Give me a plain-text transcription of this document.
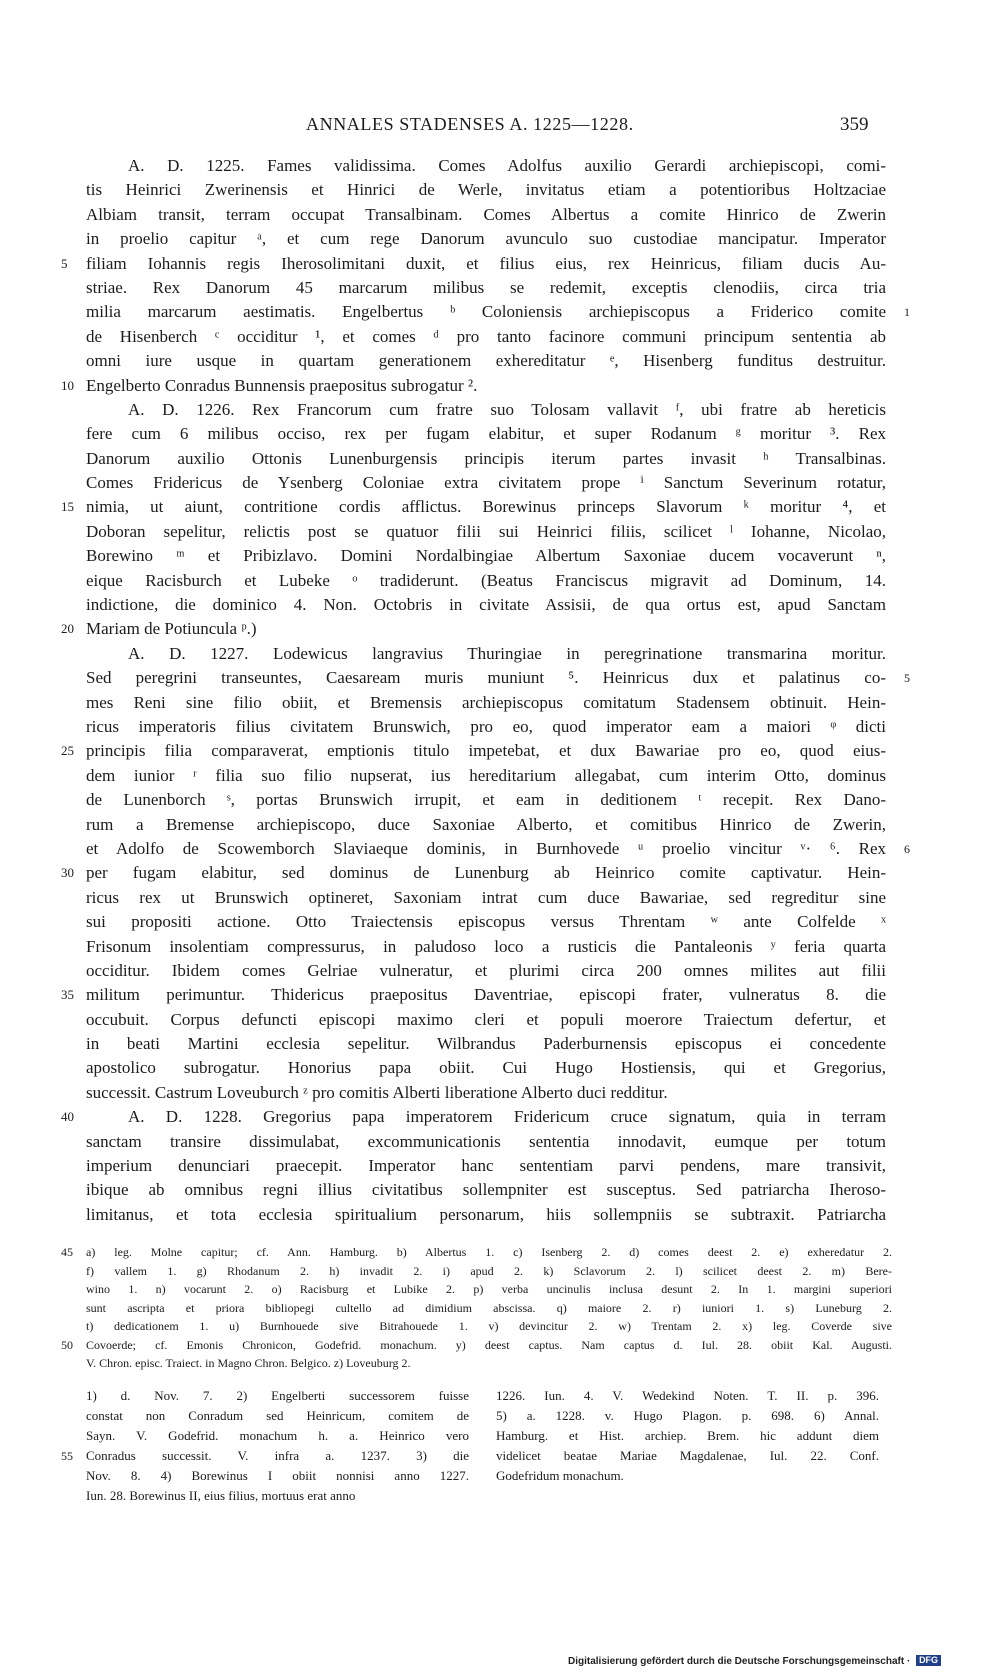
ANNALES STADENSES A. 1225—1228.	359
A. D. 1225. Fames validissima. Comes Adolfus auxilio Gerardi archiepiscopi, comi-
tis Heinrici Zwerinensis et Hinrici de Werle, invitatus etiam a potentioribus Holtzaciae
Albiam transit, terram occupat Transalbinam. Comes Albertus a comite Hinrico de Zwerin
in proelio capitur ᵃ, et cum rege Danorum avunculo suo custodiae mancipatur. Imperator
filiam Iohannis regis Iherosolimitani duxit, et filius eius, rex Heinricus, filiam ducis Au-
5
striae. Rex Danorum 45 marcarum milibus se redemit, exceptis clenodiis, circa tria
milia marcarum aestimatis. Engelbertus ᵇ Coloniensis archiepiscopus a Friderico comite 1
de Hisenberch ᶜ occiditur ¹, et comes ᵈ pro tanto facinore communi principum sententia ab
omni iure usque in quartam generationem exhereditatur ᵉ, Hisenberg funditus destruitur.
Engelberto Conradus Bunnensis praepositus subrogatur ².
10
A. D. 1226. Rex Francorum cum fratre suo Tolosam vallavit ᶠ, ubi fratre ab hereticis
fere cum 6 milibus occiso, rex per fugam elabitur, et super Rodanum ᵍ moritur ³. Rex
Danorum auxilio Ottonis Lunenburgensis principis iterum partes invasit ʰ Transalbinas.
Comes Fridericus de Ysenberg Coloniae extra civitatem prope ⁱ Sanctum Severinum rotatur,
nimia, ut aiunt, contritione cordis afflictus. Borewinus princeps Slavorum ᵏ moritur ⁴, et
15
Doboran sepelitur, relictis post se quatuor filii sui Heinrici filiis, scilicet ˡ Iohanne, Nicolao,
Borewino ᵐ et Pribizlavo. Domini Nordalbingiae Albertum Saxoniae ducem vocaverunt ⁿ,
eique Racisburch et Lubeke ᵒ tradiderunt. (Beatus Franciscus migravit ad Dominum, 14.
indictione, die dominico 4. Non. Octobris in civitate Assisii, de qua ortus est, apud Sanctam
Mariam de Potiuncula ᵖ.)
20
A. D. 1227. Lodewicus langravius Thuringiae in peregrinatione transmarina moritur.
Sed peregrini transeuntes, Caesaream muris muniunt ⁵. Heinricus dux et palatinus co- 5
mes Reni sine filio obiit, et Bremensis archiepiscopus comitatum Stadensem obtinuit. Hein-
ricus imperatoris filius civitatem Brunswich, pro eo, quod imperator eam a maiori ᵠ dicti
principis filia comparaverat, emptionis titulo impetebat, et dux Bawariae pro eo, quod eius-
25
dem iunior ʳ filia suo filio nupserat, ius hereditarium allegabat, cum interim Otto, dominus
de Lunenborch ˢ, portas Brunswich irrupit, et eam in deditionem ᵗ recepit. Rex Dano-
rum a Bremense archiepiscopo, duce Saxoniae Alberto, et comitibus Hinrico de Zwerin,
et Adolfo de Scowemborch Slaviaeque dominis, in Burnhovede ᵘ proelio vincitur ᵛ· ⁶. Rex 6
per fugam elabitur, sed dominus de Lunenburg ab Heinrico comite captivatur. Hein-
30
ricus rex ut Brunswich optineret, Saxoniam intrat cum duce Bawariae, sed regreditur sine
sui propositi actione. Otto Traiectensis episcopus versus Threntam ʷ ante Colfelde ˣ
Frisonum insolentiam compressurus, in paludoso loco a rusticis die Pantaleonis ʸ feria quarta
occiditur. Ibidem comes Gelriae vulneratur, et plurimi circa 200 omnes milites aut filii
militum perimuntur. Thidericus praepositus Daventriae, episcopi frater, vulneratus 8. die
35
occubuit. Corpus defuncti episcopi maximo cleri et populi moerore Traiectum defertur, et
in beati Martini ecclesia sepelitur. Wilbrandus Paderburnensis episcopus ei concedente
apostolico subrogatur. Honorius papa obiit. Cui Hugo Hostiensis, qui et Gregorius,
successit. Castrum Loveuburch ᶻ pro comitis Alberti liberatione Alberto duci redditur.
A. D. 1228. Gregorius papa imperatorem Fridericum cruce signatum, quia in terram
40
sanctam transire dissimulabat, excommunicationis sententia innodavit, eumque per totum
imperium denunciari praecepit. Imperator hanc sententiam parvi pendens, mare transivit,
ibique ab omnibus regni illius civitatibus sollempniter est susceptus. Sed patriarcha Iheroso-
limitanus, et tota ecclesia spiritualium personarum, hiis sollempniis se subtraxit. Patriarcha
a) leg. Molne capitur; cf. Ann. Hamburg. b) Albertus 1. c) Isenberg 2. d) comes deest 2. e) exheredatur 2.
45
f) vallem 1. g) Rhodanum 2. h) invadit 2. i) apud 2. k) Sclavorum 2. l) scilicet deest 2. m) Bere-
wino 1. n) vocarunt 2. o) Racisburg et Lubike 2. p) verba uncinulis inclusa desunt 2. In 1. margini superiori
sunt ascripta et priora bibliopegi cultello ad dimidium abscissa. q) maiore 2. r) iuniori 1. s) Luneburg 2.
t) dedicationem 1. u) Burnhouede sive Bitrahouede 1. v) devincitur 2. w) Trentam 2. x) leg. Coverde sive
Covoerde; cf. Emonis Chronicon, Godefrid. monachum. y) deest captus. Nam captus d. Iul. 28. obiit Kal. Augusti.
50
V. Chron. episc. Traiect. in Magno Chron. Belgico. z) Loveuburg 2.
1) d. Nov. 7. 2) Engelberti successorem fuisse
constat non Conradum sed Heinricum, comitem de
Sayn. V. Godefrid. monachum h. a. Heinrico vero
Conradus successit. V. infra a. 1237. 3) die
55
Nov. 8. 4) Borewinus I obiit nonnisi anno 1227.
Iun. 28. Borewinus II, eius filius, mortuus erat anno
1226. Iun. 4. V. Wedekind Noten. T. II. p. 396.
5) a. 1228. v. Hugo Plagon. p. 698. 6) Annal.
Hamburg. et Hist. archiep. Brem. hic addunt diem
videlicet beatae Mariae Magdalenae, Iul. 22. Conf.
Godefridum monachum.
Digitalisierung gefördert durch die Deutsche Forschungsgemeinschaft · DFG
